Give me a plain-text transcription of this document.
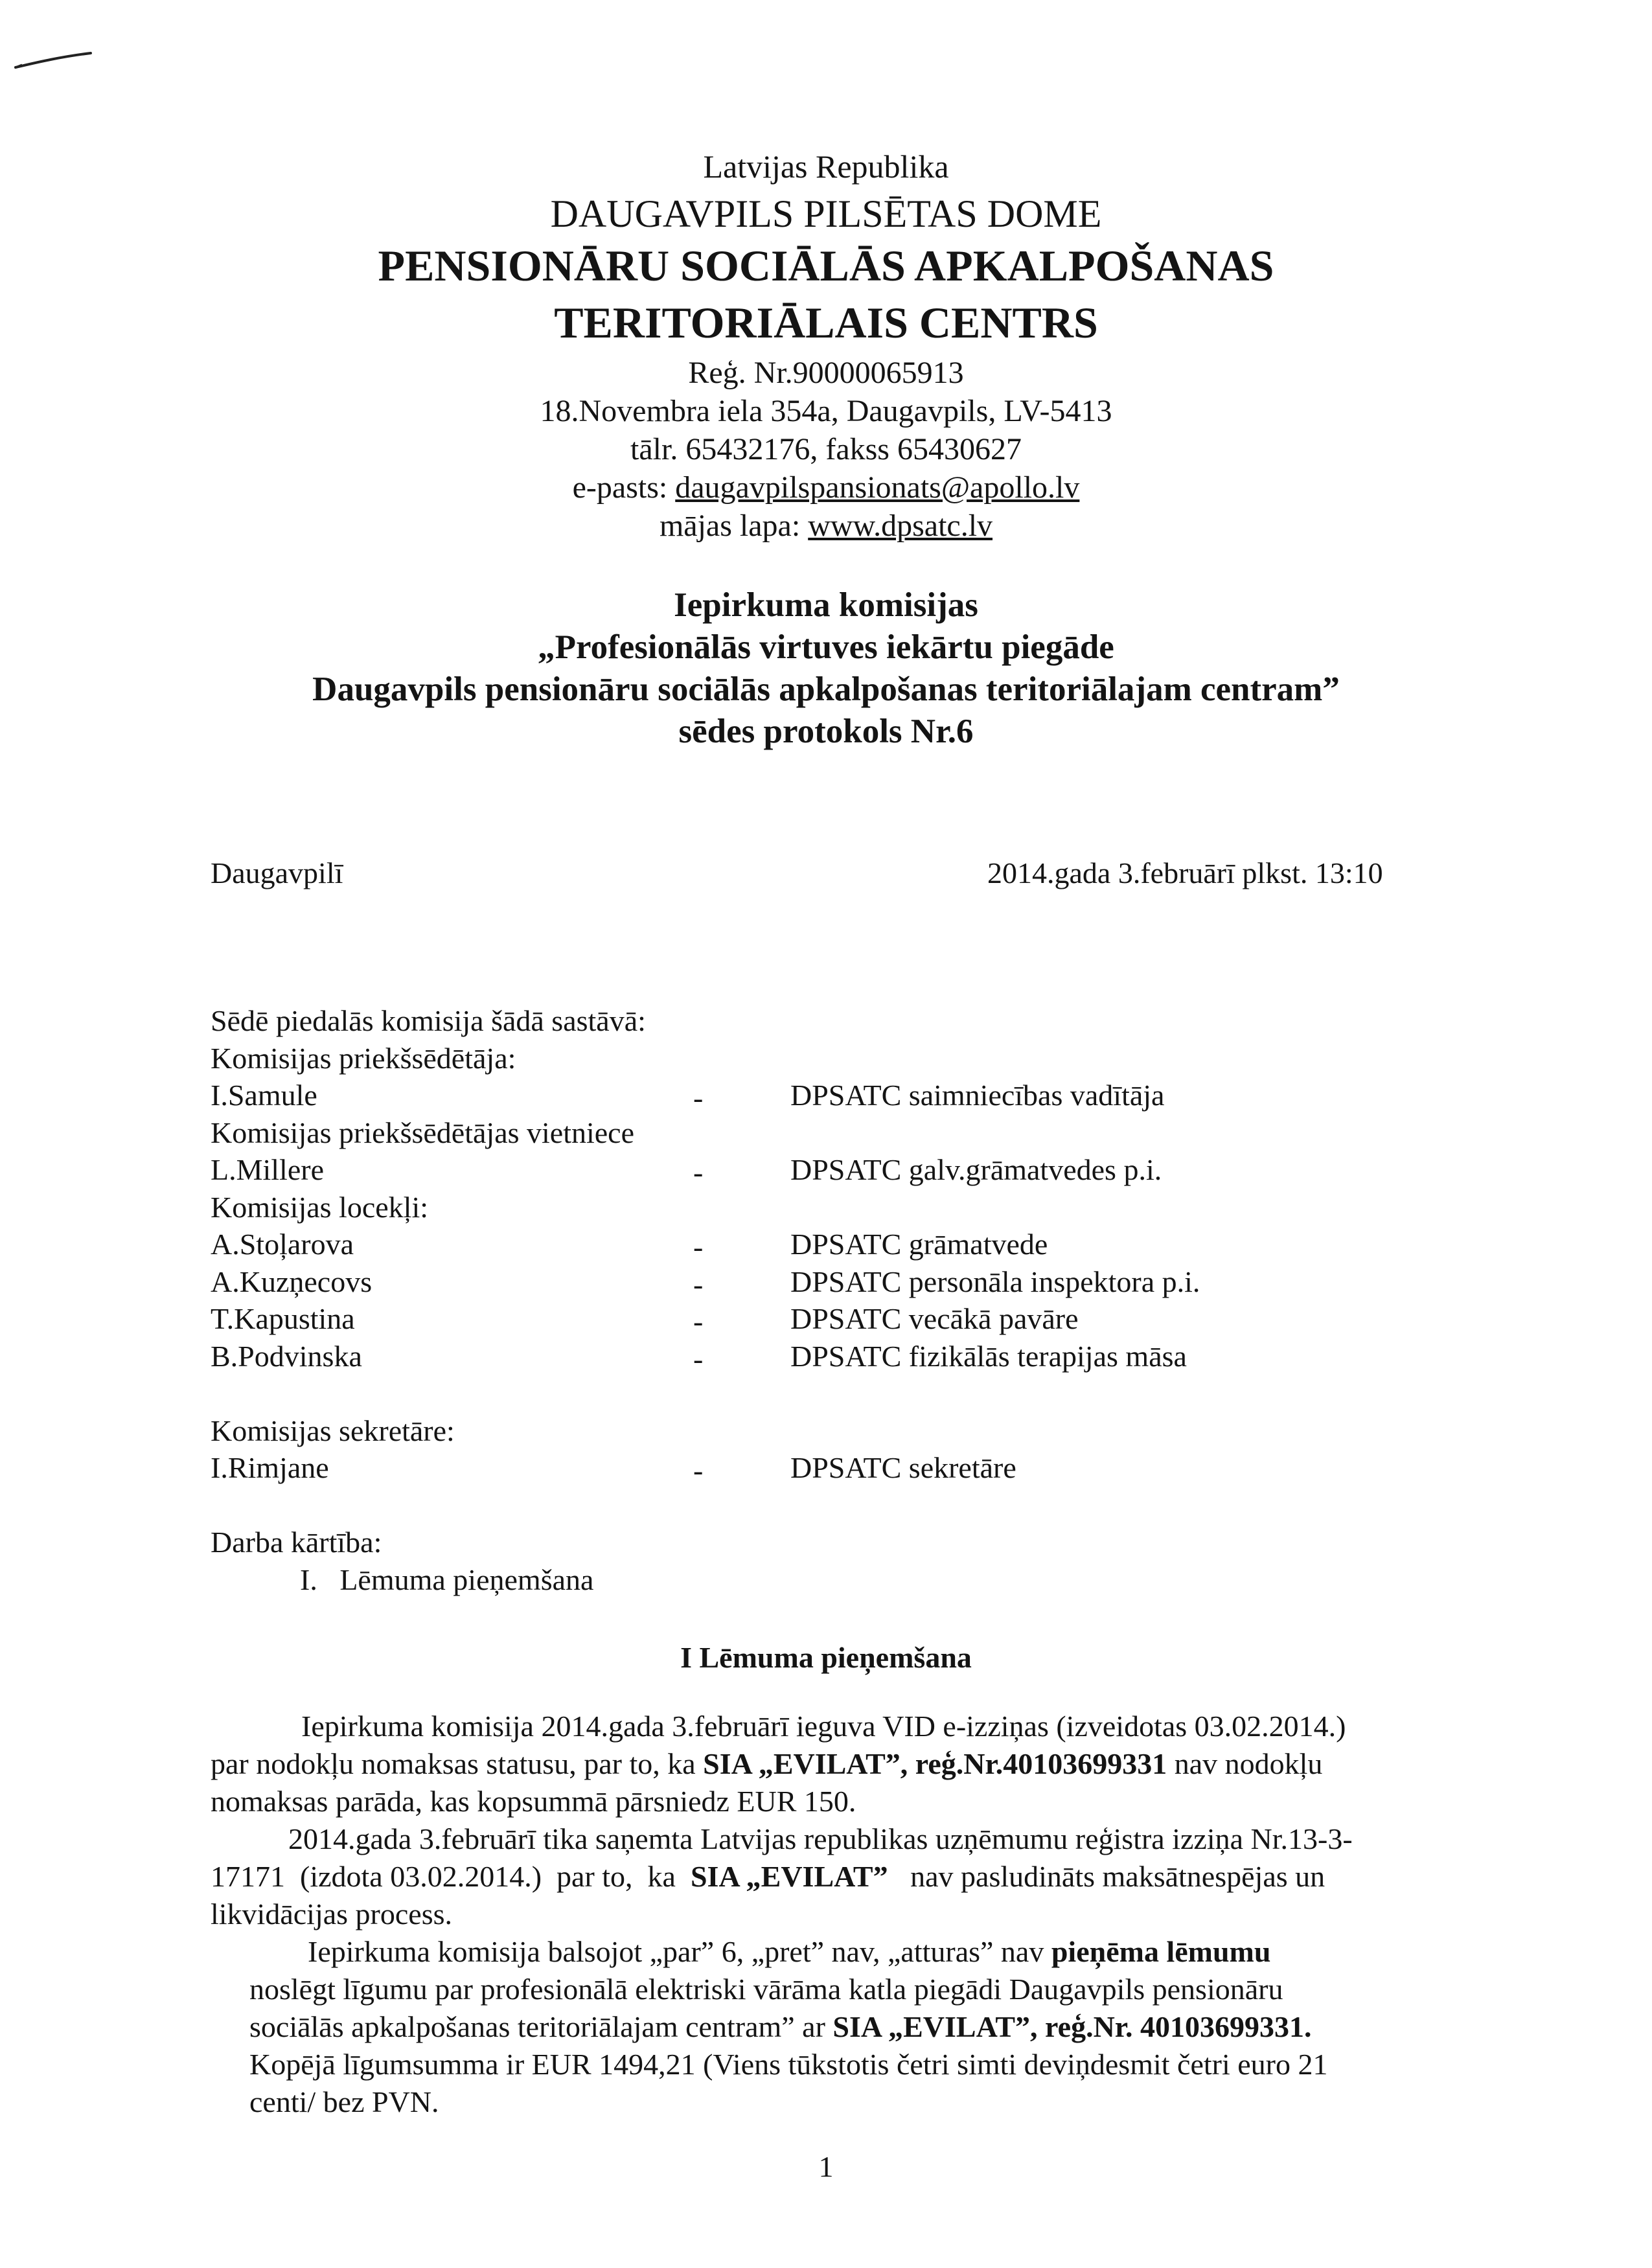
Latvijas Republika
DAUGAVPILS PILSĒTAS DOME
PENSIONĀRU SOCIĀLĀS APKALPOŠANAS
TERITORIĀLAIS CENTRS
Reģ. Nr.90000065913
18.Novembra iela 354a, Daugavpils, LV-5413
tālr. 65432176, fakss 65430627
e-pasts: daugavpilspansionats@apollo.lv
mājas lapa: www.dpsatc.lv
Iepirkuma komisijas
„Profesionālās virtuves iekārtu piegāde
Daugavpils pensionāru sociālās apkalpošanas teritoriālajam centram”
sēdes protokols Nr.6
Daugavpilī	2014.gada 3.februārī plkst. 13:10
Sēdē piedalās komisija šādā sastāvā:
Komisijas priekšsēdētāja:
I.Samule	-	DPSATC saimniecības vadītāja
Komisijas priekšsēdētājas vietniece
L.Millere	-	DPSATC galv.grāmatvedes p.i.
Komisijas locekļi:
A.Stoļarova	-	DPSATC grāmatvede
A.Kuzņecovs	-	DPSATC personāla inspektora p.i.
T.Kapustina	-	DPSATC vecākā pavāre
B.Podvinska	-	DPSATC fizikālās terapijas māsa
Komisijas sekretāre:
I.Rimjane	-	DPSATC sekretāre
Darba kārtība:
I.   Lēmuma pieņemšana
I Lēmuma pieņemšana
Iepirkuma komisija 2014.gada 3.februārī ieguva VID e-izziņas (izveidotas 03.02.2014.)
par nodokļu nomaksas statusu, par to, ka SIA „EVILAT”, reģ.Nr.40103699331 nav nodokļu
nomaksas parāda, kas kopsummā pārsniedz EUR 150.
2014.gada 3.februārī tika saņemta Latvijas republikas uzņēmumu reģistra izziņa Nr.13-3-
17171  (izdota 03.02.2014.)  par to,  ka  SIA „EVILAT”   nav pasludināts maksātnespējas un
likvidācijas process.
Iepirkuma komisija balsojot „par” 6, „pret” nav, „atturas” nav pieņēma lēmumu
noslēgt līgumu par profesionālā elektriski vārāma katla piegādi Daugavpils pensionāru
sociālās apkalpošanas teritoriālajam centram” ar SIA „EVILAT”, reģ.Nr. 40103699331.
Kopējā līgumsumma ir EUR 1494,21 (Viens tūkstotis četri simti deviņdesmit četri euro 21
centi/ bez PVN.
1
